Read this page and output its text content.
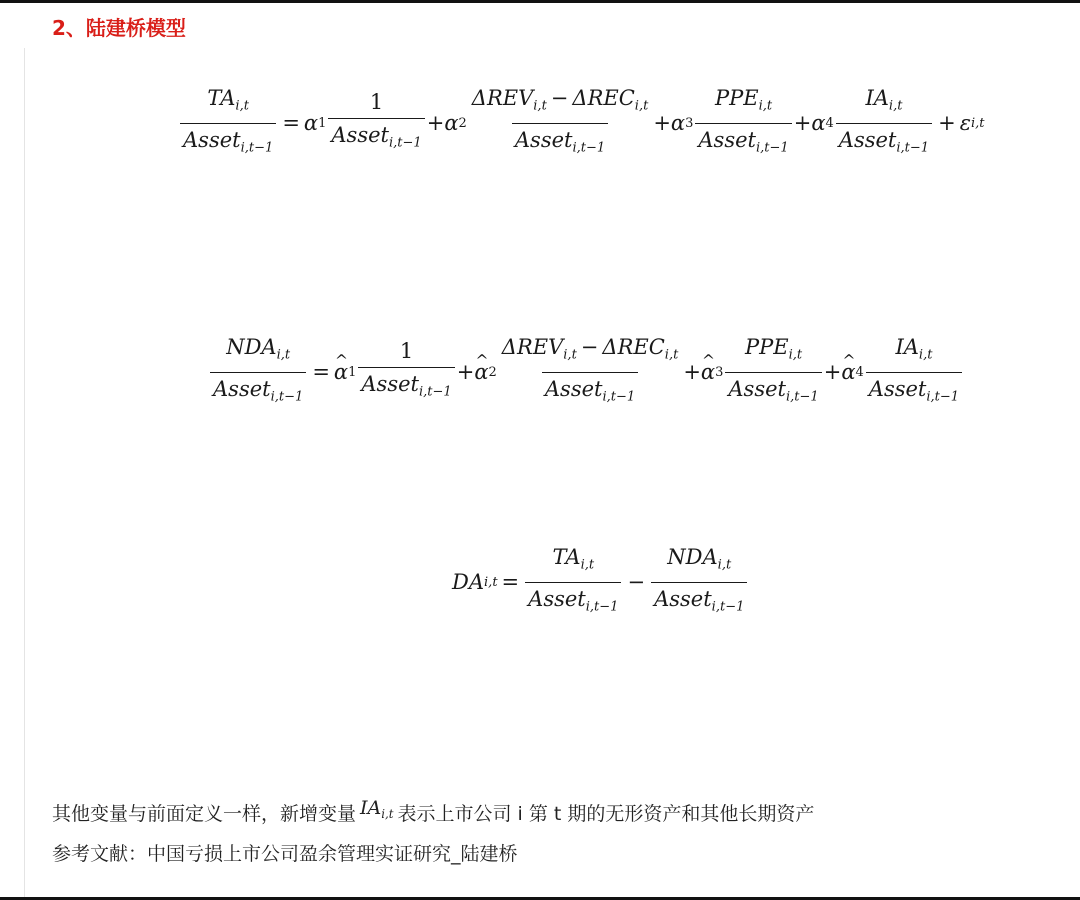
2、陆建桥模型
$\frac{TA_{i,t}}{Asset_{i,t-1}} = \alpha$ $1 \frac{1}{Asset_{i,t-1}} + \alpha$ $2 \frac{\Delta REV_{i,t} - \Delta REC_{i,t}}{Asset_{i,t-1}} + \alpha$ $3 \frac{PPE_{i,t}}{Asset_{i,t-1}} + \alpha$ $4 \frac{IA_{i,t}}{Asset_{i,t-1}} + \varepsilon$ i,t
$\frac{NDA_{i,t}}{Asset_{i,t-1}}$ = ^ α $1 \frac{1}{Asset_{i,t-1}}$ + ^ α $2 \frac{\Delta REV_{i,t} - \Delta REC_{i,t}}{Asset_{i,t-1}}$ + ^ α $3 \frac{PPE_{i,t}}{Asset_{i,t-1}}$ + ^ α $4 \frac{IA_{i,t}}{Asset_{i,t-1}}$
DA $i,t = \frac{TA_{i,t}}{Asset_{i,t-1}} - \frac{NDA_{i,t}}{Asset_{i,t-1}}$
其他变量与前面定义一样，新增变量 $IA_{i,t}$ 表示上市公司 i 第 t 期的无形资产和其他长期资产
参考文献：中国亏损上市公司盈余管理实证研究_陆建桥
